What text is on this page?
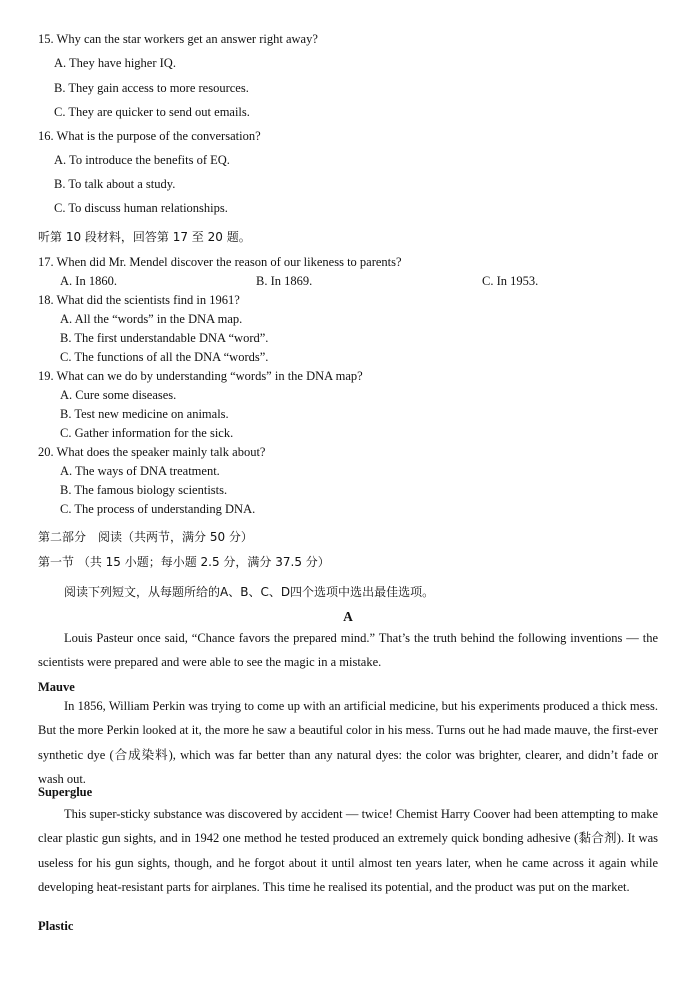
15. Why can the star workers get an answer right away?
A. They have higher IQ.
B. They gain access to more resources.
C. They are quicker to send out emails.
16. What is the purpose of the conversation?
A. To introduce the benefits of EQ.
B. To talk about a study.
C. To discuss human relationships.
听第 10 段材料，回答第 17 至 20 题。
17. When did Mr. Mendel discover the reason of our likeness to parents?
A. In 1860.	B. In 1869.	C. In 1953.
18. What did the scientists find in 1961?
A. All the “words” in the DNA map.
B. The first understandable DNA “word”.
C. The functions of all the DNA “words”.
19. What can we do by understanding “words” in the DNA map?
A. Cure some diseases.
B. Test new medicine on animals.
C. Gather information for the sick.
20. What does the speaker mainly talk about?
A. The ways of DNA treatment.
B. The famous biology scientists.
C. The process of understanding DNA.
第二部分　阅读（共两节，满分 50 分）
第一节 （共 15 小题；每小题 2.5 分，满分 37.5 分）
阅读下列短文，从每题所给的A、B、C、D四个选项中选出最佳选项。
A
Louis Pasteur once said, “Chance favors the prepared mind.” That’s the truth behind the following inventions — the scientists were prepared and were able to see the magic in a mistake.
Mauve
In 1856, William Perkin was trying to come up with an artificial medicine, but his experiments produced a thick mess. But the more Perkin looked at it, the more he saw a beautiful color in his mess. Turns out he had made mauve, the first-ever synthetic dye (合成染料), which was far better than any natural dyes: the color was brighter, clearer, and didn’t fade or wash out.
Superglue
This super-sticky substance was discovered by accident — twice! Chemist Harry Coover had been attempting to make clear plastic gun sights, and in 1942 one method he tested produced an extremely quick bonding adhesive (黏合剂). It was useless for his gun sights, though, and he forgot about it until almost ten years later, when he came across it again while developing heat-resistant parts for airplanes. This time he realised its potential, and the product was put on the market.
Plastic
